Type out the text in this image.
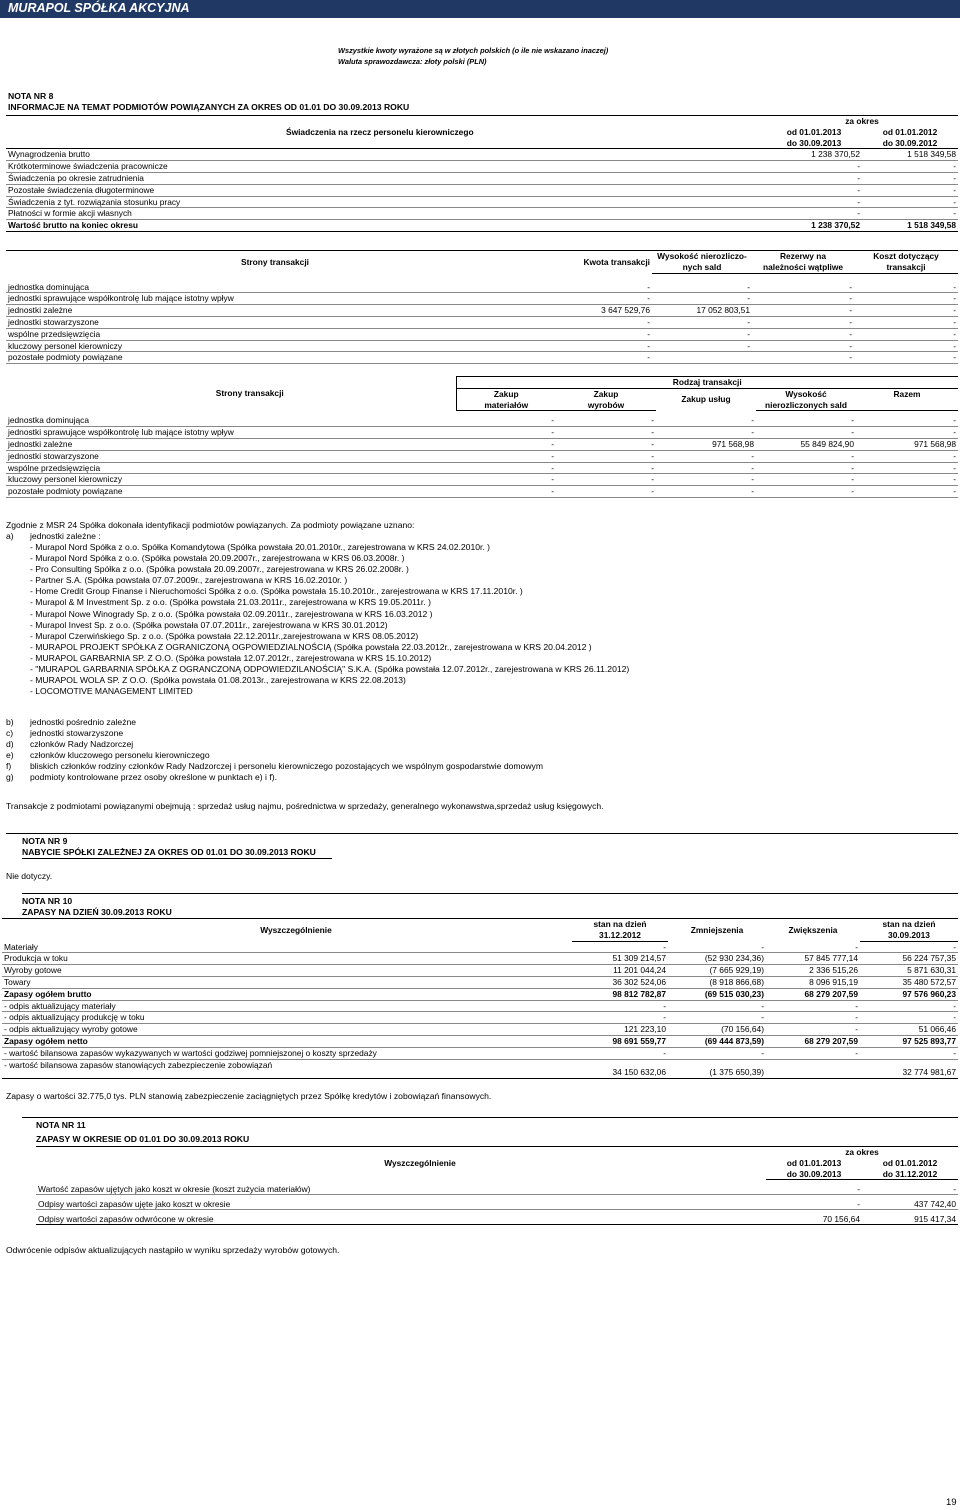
MURAPOL SPÓŁKA AKCYJNA
Wszystkie kwoty wyrażone są w złotych polskich (o ile nie wskazano inaczej)
Waluta sprawozdawcza: złoty polski (PLN)
NOTA NR 8
INFORMACJE NA TEMAT PODMIOTÓW POWIĄZANYCH ZA OKRES OD 01.01 DO 30.09.2013 ROKU
	za okres	
Świadczenia na rzecz personelu kierowniczego	od 01.01.2013	od 01.01.2012
	do 30.09.2013	do 30.09.2012
Wynagrodzenia brutto	1 238 370,52	1 518 349,58
Krótkoterminowe świadczenia pracownicze	-	-
Świadczenia po okresie zatrudnienia	-	-
Pozostałe świadczenia długoterminowe	-	-
Świadczenia z tyt. rozwiązania stosunku pracy	-	-
Płatności w formie akcji własnych	-	-
Wartość brutto na koniec okresu	1 238 370,52	1 518 349,58
Strony transakcji	Kwota transakcji	Wysokość nierozliczo-	Rezerwy na	Koszt dotyczący
		nych sald	należności wątpliwe	transakcji

jednostka dominująca	-	-	-	-
jednostki sprawujące współkontrolę lub mające istotny wpływ	-	-	-	-
jednostki zależne	3 647 529,76	17 052 803,51	-	-
jednostki stowarzyszone	-	-	-	-
wspólne przedsięwzięcia	-	-	-	-
kluczowy personel kierowniczy	-	-	-	-
pozostałe podmioty powiązane	-		-	-
Strony transakcji	Rodzaj transakcji				
	Zakup	Zakup	Zakup usług	Wysokość	Razem
	materiałów	wyrobów		nierozliczonych sald	

jednostka dominująca	-	-	-	-	-
jednostki sprawujące współkontrolę lub mające istotny wpływ	-	-	-	-	-
jednostki zależne	-	-	971 568,98	55 849 824,90	971 568,98
jednostki stowarzyszone	-	-	-	-	-
wspólne przedsięwzięcia	-	-	-	-	-
kluczowy personel kierowniczy	-	-	-	-	-
pozostałe podmioty powiązane	-	-	-	-	-
Zgodnie z MSR 24 Spółka dokonała identyfikacji podmiotów powiązanych. Za podmioty powiązane uznano:
a) jednostki zależne :
- Murapol Nord Spółka z o.o. Spółka Komandytowa (Spółka powstała 20.01.2010r., zarejestrowana w KRS 24.02.2010r. )
- Murapol Nord Spółka z o.o. (Spółka powstała 20.09.2007r., zarejestrowana w KRS 06.03.2008r. )
- Pro Consulting Spółka z o.o. (Spółka powstała 20.09.2007r., zarejestrowana w KRS 26.02.2008r. )
- Partner S.A. (Spółka powstała 07.07.2009r., zarejestrowana w KRS 16.02.2010r. )
- Home Credit Group Finanse i Nieruchomości Spółka z o.o. (Spółka powstała 15.10.2010r., zarejestrowana w KRS 17.11.2010r. )
- Murapol & M Investment Sp. z o.o. (Spółka powstała 21.03.2011r., zarejestrowana w KRS 19.05.2011r. )
- Murapol Nowe Winogrady Sp. z o.o. (Spółka powstała 02.09.2011r., zarejestrowana w KRS 16.03.2012 )
- Murapol Invest Sp. z o.o. (Spółka powstała 07.07.2011r., zarejestrowana w KRS 30.01.2012)
- Murapol Czerwińskiego Sp. z o.o. (Spółka powstała 22.12.2011r.,zarejestrowana w KRS 08.05.2012)
- MURAPOL PROJEKT SPÓŁKA Z OGRANICZONĄ OGPOWIEDZIALNOŚCIĄ (Spółka powstała 22.03.2012r., zarejestrowana w KRS 20.04.2012 )
- MURAPOL GARBARNIA SP. Z O.O. (Spółka powstała 12.07.2012r., zarejestrowana w KRS 15.10.2012)
- "MURAPOL GARBARNIA SPÓŁKA Z OGRANCZONĄ ODPOWIEDZILANOŚCIĄ" S.K.A. (Spółka powstała 12.07.2012r., zarejestrowana w KRS 26.11.2012)
- MURAPOL WOLA SP. Z O.O. (Spółka powstała 01.08.2013r., zarejestrowana w KRS 22.08.2013)
- LOCOMOTIVE MANAGEMENT LIMITED
b) jednostki pośrednio zależne
c) jednostki stowarzyszone
d) członków Rady Nadzorczej
e) członków kluczowego personelu kierowniczego
f) bliskich członków rodziny członków Rady Nadzorczej i personelu kierowniczego pozostających we wspólnym gospodarstwie domowym
g) podmioty kontrolowane przez osoby określone w punktach e) i f).
Transakcje z podmiotami powiązanymi obejmują : sprzedaż usług najmu, pośrednictwa w sprzedaży, generalnego wykonawstwa,sprzedaż usług księgowych.
NOTA NR 9
NABYCIE SPÓŁKI ZALEŻNEJ ZA OKRES OD 01.01 DO 30.09.2013 ROKU
Nie dotyczy.
NOTA NR 10
ZAPASY NA DZIEŃ 30.09.2013 ROKU
Wyszczególnienie	stan na dzień	Zmniejszenia	Zwiększenia	stan na dzień
	31.12.2012			30.09.2013
Materiały	-	-	-	-
Produkcja w toku	51 309 214,57	(52 930 234,36)	57 845 777,14	56 224 757,35
Wyroby gotowe	11 201 044,24	(7 665 929,19)	2 336 515,26	5 871 630,31
Towary	36 302 524,06	(8 918 866,68)	8 096 915,19	35 480 572,57
Zapasy ogółem brutto	98 812 782,87	(69 515 030,23)	68 279 207,59	97 576 960,23
- odpis aktualizujący materiały	-	-	-	-
- odpis aktualizujący produkcję w toku	-	-	-	-
- odpis aktualizujący wyroby gotowe	121 223,10	(70 156,64)	-	51 066,46
Zapasy ogółem netto	98 691 559,77	(69 444 873,59)	68 279 207,59	97 525 893,77
- wartość bilansowa zapasów wykazywanych w wartości godziwej pomniejszonej o koszty sprzedaży	-	-	-	-
- wartość bilansowa zapasów stanowiących zabezpieczenie zobowiązań	34 150 632,06	(1 375 650,39)		32 774 981,67
Zapasy o wartości 32.775,0 tys. PLN stanowią zabezpieczenie zaciągniętych przez Spółkę kredytów i zobowiązań finansowych.
NOTA NR 11
ZAPASY W OKRESIE OD 01.01 DO 30.09.2013 ROKU
Wyszczególnienie	za okres	
	od 01.01.2013	od 01.01.2012
	do 30.09.2013	do 31.12.2012
Wartość zapasów ujętych jako koszt w okresie (koszt zużycia materiałów)	-	-
Odpisy wartości zapasów ujęte jako koszt w okresie	-	437 742,40
Odpisy wartości zapasów odwrócone w okresie	70 156,64	915 417,34
Odwrócenie odpisów aktualizujących nastąpiło w wyniku sprzedaży wyrobów gotowych.
19
